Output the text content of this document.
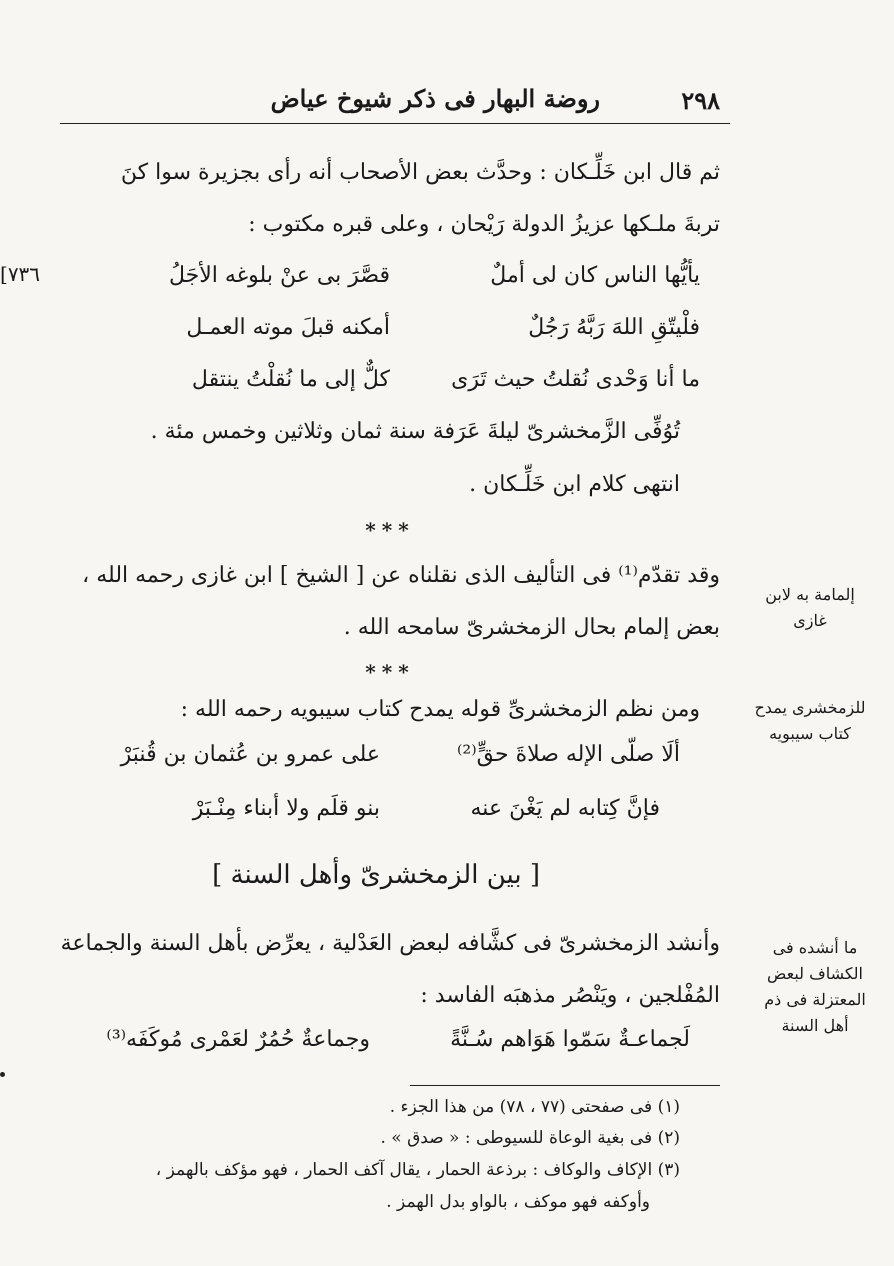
٢٩٨
روضة البهار فى ذكر شيوخ عياض
[٧٣٦
ثم قال ابن خَلِّـكان : وحدَّث بعض الأصحاب أنه رأى بجزيرة سوا كنَ
تربةَ ملـكها عزيزُ الدولة رَيْحان ، وعلى قبره مكتوب :
يأيُّها الناس كان لى أملٌ
قصَّرَ بى عنْ بلوغه الأجَلُ
فلْيتّقِ اللهَ رَبَّهُ رَجُلٌ
أمكنه قبلَ موته العمـل
ما أنا وَحْدى نُقلتُ حيث تَرَى
كلٌّ إلى ما نُقلْتُ ينتقل
تُوُفِّى الزَّمخشرىّ ليلةَ عَرَفة سنة ثمان وثلاثين وخمس مئة .
انتهى كلام ابن خَلِّـكان .
***
وقد تقدّم⁽¹⁾ فى التأليف الذى نقلناه عن [ الشيخ ] ابن غازى رحمه الله ،
بعض إلمام بحال الزمخشرىّ سامحه الله .
إلمامة به لابن
غازى
***
ومن نظم الزمخشرىِّ قوله يمدح كتاب سيبويه رحمه الله :	للزمخشرى يمدح
كتاب سيبويه
ألَا صلّى الإله صلاةَ حقٍّ⁽²⁾
على عمرو بن عُثمان بن قُنبَرْ
فإنَّ كِتابه لم يَغْنَ عنه
بنو قلَم ولا أبناء مِنْـبَرْ
[ بين الزمخشرىّ وأهل السنة ]
وأنشد الزمخشرىّ فى كشَّافه لبعض العَدْلية ، يعرِّض بأهل السنة والجماعة
المُفْلجين ، ويَنْصُر مذهبَه الفاسد :
ما أنشده فى
الكشاف لبعض
المعتزلة فى ذم
أهل السنة
لَجماعـةٌ سَمّوا هَوَاهم سُـنَّةً
وجماعةٌ حُمُرٌ لعَمْرى مُوكَفَه⁽³⁾
(١) فى صفحتى (٧٧ ، ٧٨) من هذا الجزء .
(٢) فى بغية الوعاة للسيوطى : « صدق » .
(٣) الإكاف والوكاف : برذعة الحمار ، يقال آكف الحمار ، فهو مؤكف بالهمز ،
وأوكفه فهو موكف ، بالواو بدل الهمز .
